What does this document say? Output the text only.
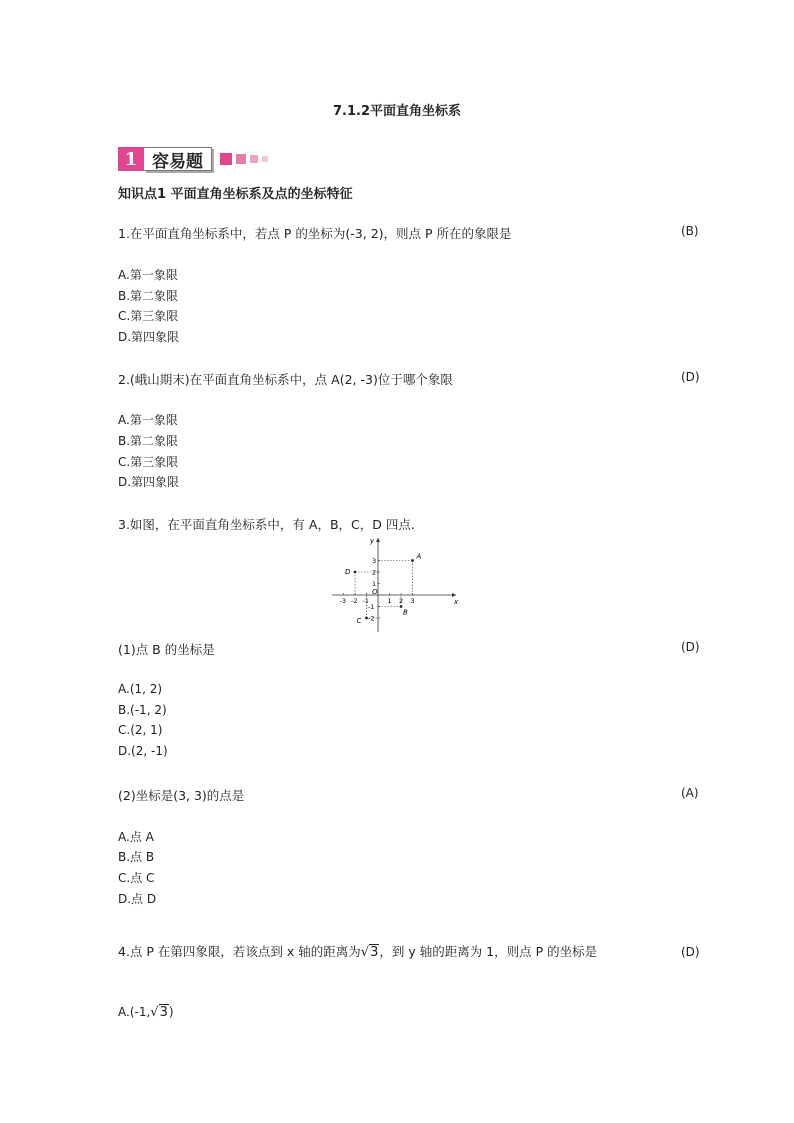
7.1.2平面直角坐标系
1 容易题
知识点1 平面直角坐标系及点的坐标特征
1.在平面直角坐标系中，若点 P 的坐标为(-3, 2)，则点 P 所在的象限是	(B)
A.第一象限
B.第二象限
C.第三象限
D.第四象限
2.(峨山期末)在平面直角坐标系中，点 A(2, -3)位于哪个象限	(D)
A.第一象限
B.第二象限
C.第三象限
D.第四象限
3.如图，在平面直角坐标系中，有 A，B，C，D 四点.
x
y
O
-3 -2 -1	1 2 3
3
2
1
-1
-2
A
B
C
D
(1)点 B 的坐标是	(D)
A.(1, 2)
B.(-1, 2)
C.(2, 1)
D.(2, -1)
(2)坐标是(3, 3)的点是	(A)
A.点 A
B.点 B
C.点 C
D.点 D
4.点 P 在第四象限，若该点到 x 轴的距离为√3，到 y 轴的距离为 1，则点 P 的坐标是	(D)
A.(-1,√3)
